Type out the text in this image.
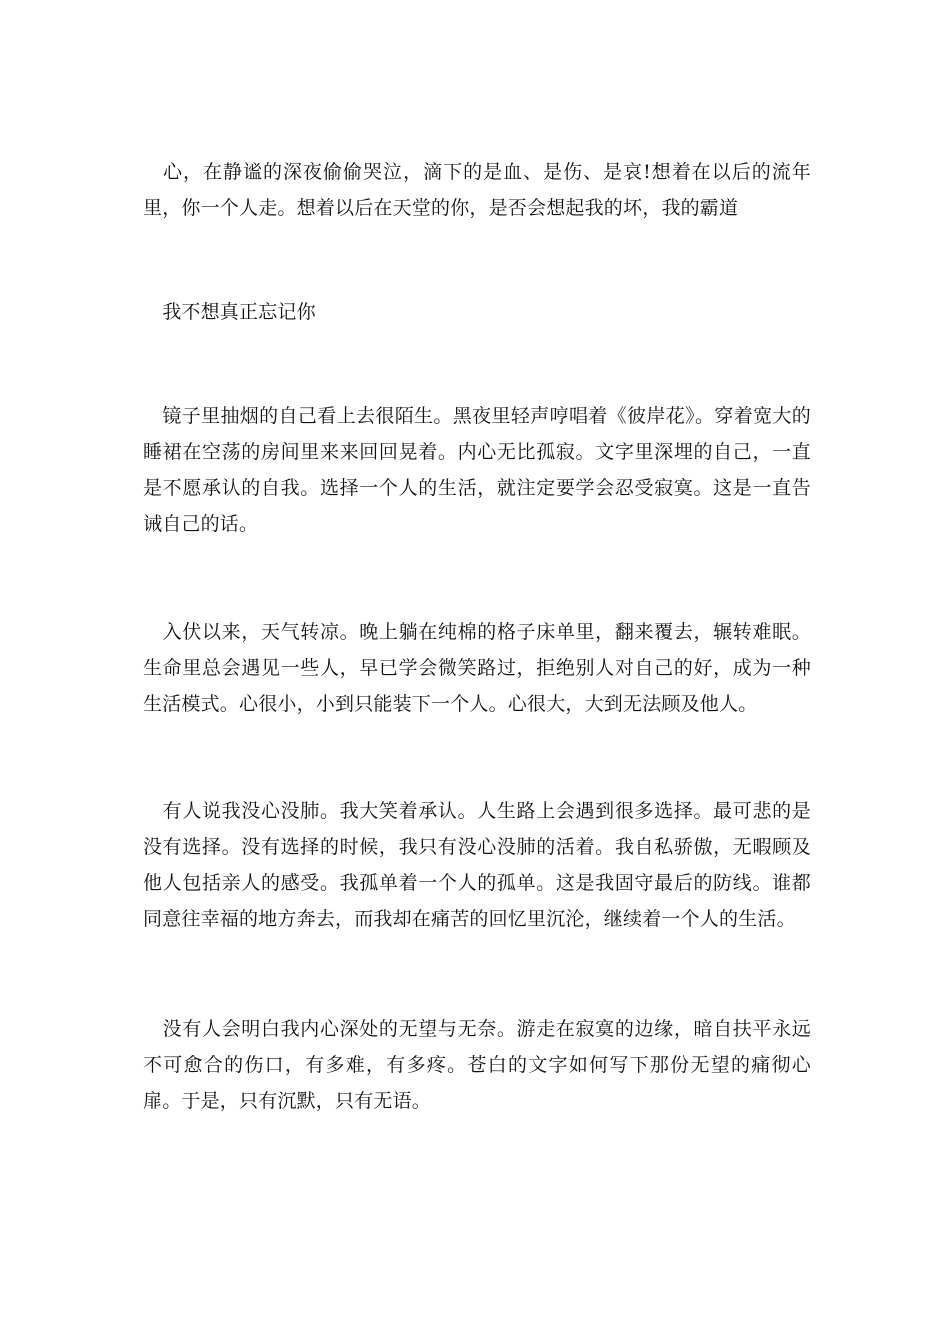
　心，在静谧的深夜偷偷哭泣，滴下的是血、是伤、是哀!想着在以后的流年里，你一个人走。想着以后在天堂的你，是否会想起我的坏，我的霸道

　我不想真正忘记你

　镜子里抽烟的自己看上去很陌生。黑夜里轻声哼唱着《彼岸花》。穿着宽大的睡裙在空荡的房间里来来回回晃着。内心无比孤寂。文字里深埋的自己，一直是不愿承认的自我。选择一个人的生活，就注定要学会忍受寂寞。这是一直告诫自己的话。

　入伏以来，天气转凉。晚上躺在纯棉的格子床单里，翻来覆去，辗转难眠。生命里总会遇见一些人，早已学会微笑路过，拒绝别人对自己的好，成为一种生活模式。心很小，小到只能装下一个人。心很大，大到无法顾及他人。

　有人说我没心没肺。我大笑着承认。人生路上会遇到很多选择。最可悲的是没有选择。没有选择的时候，我只有没心没肺的活着。我自私骄傲，无暇顾及他人包括亲人的感受。我孤单着一个人的孤单。这是我固守最后的防线。谁都同意往幸福的地方奔去，而我却在痛苦的回忆里沉沦，继续着一个人的生活。

　没有人会明白我内心深处的无望与无奈。游走在寂寞的边缘，暗自扶平永远不可愈合的伤口，有多难，有多疼。苍白的文字如何写下那份无望的痛彻心扉。于是，只有沉默，只有无语。
